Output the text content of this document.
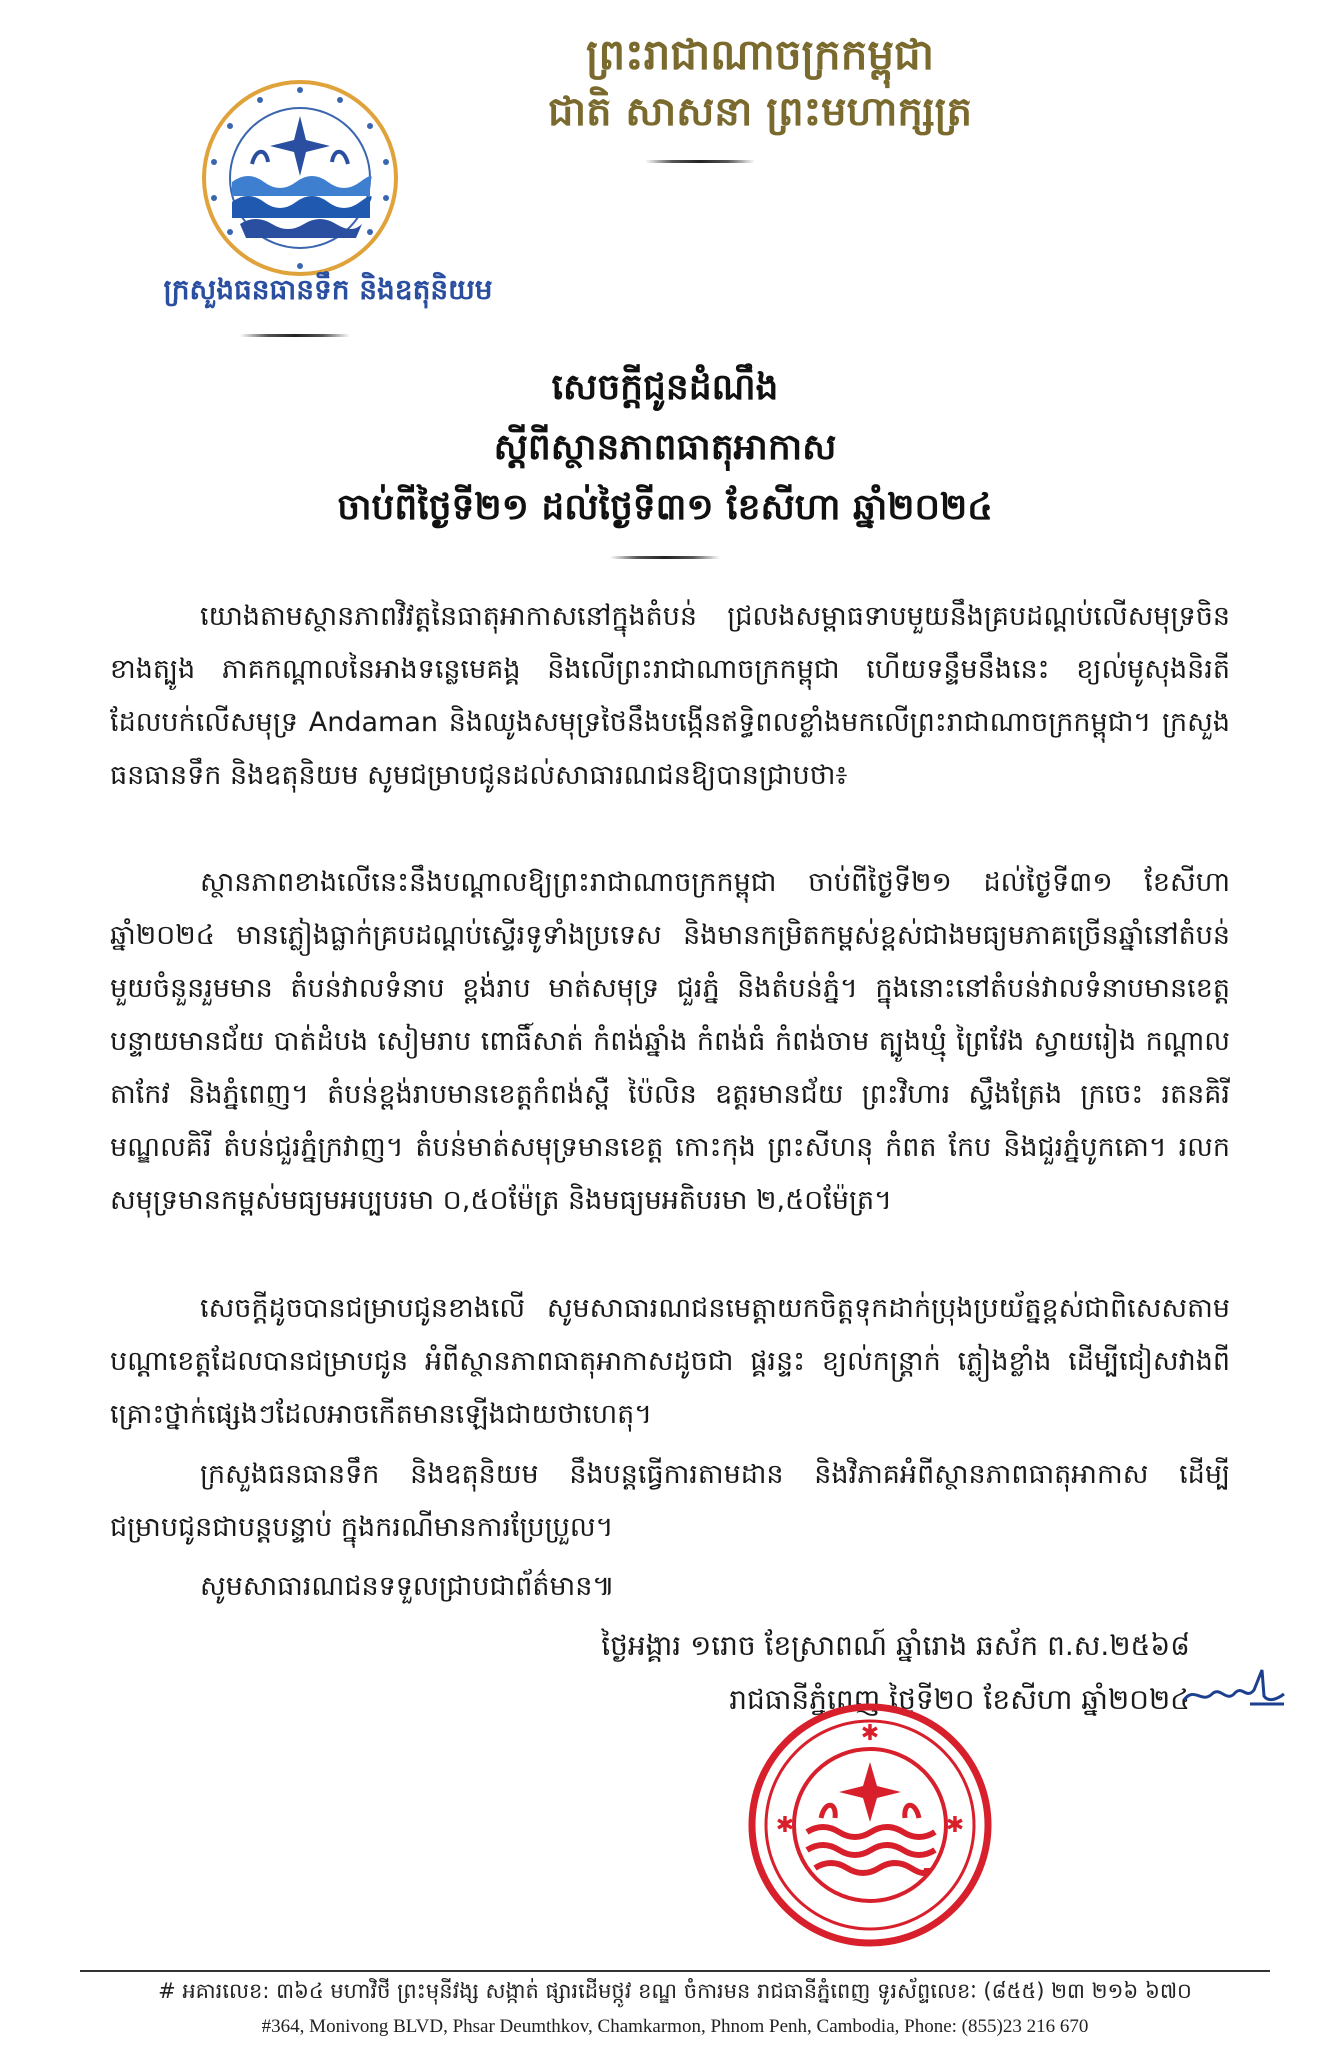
ព្រះរាជាណាចក្រកម្ពុជា
ជាតិ សាសនា ព្រះមហាក្សត្រ
ក្រសួងធនធានទឹក និងឧតុនិយម
សេចក្តីជូនដំណឹង
ស្តីពីស្ថានភាពធាតុអាកាស
ចាប់ពីថ្ងៃទី២១ ដល់ថ្ងៃទី៣១ ខែសីហា ឆ្នាំ២០២៤
យោងតាមស្ថានភាពវិវត្តនៃធាតុអាកាសនៅក្នុងតំបន់ ជ្រលងសម្ពាធទាបមួយនឹងគ្របដណ្តប់លើសមុទ្រចិនខាងត្បូង ភាគកណ្តាលនៃអាងទន្លេមេគង្គ និងលើព្រះរាជាណាចក្រកម្ពុជា ហើយទន្ទឹមនឹងនេះ ខ្យល់មូសុងនិរតីដែលបក់លើសមុទ្រ Andaman និងឈូងសមុទ្រថៃនឹងបង្កើនឥទ្ធិពលខ្លាំងមកលើព្រះរាជាណាចក្រកម្ពុជា។ ក្រសួងធនធានទឹក និងឧតុនិយម សូមជម្រាបជូនដល់សាធារណជនឱ្យបានជ្រាបថា៖
ស្ថានភាពខាងលើនេះនឹងបណ្តាលឱ្យព្រះរាជាណាចក្រកម្ពុជា ចាប់ពីថ្ងៃទី២១ ដល់ថ្ងៃទី៣១ ខែសីហា ឆ្នាំ២០២៤ មានភ្លៀងធ្លាក់គ្របដណ្តប់ស្ទើរទូទាំងប្រទេស និងមានកម្រិតកម្ពស់ខ្ពស់ជាងមធ្យមភាគច្រើនឆ្នាំនៅតំបន់មួយចំនួនរួមមាន តំបន់វាលទំនាប ខ្ពង់រាប មាត់សមុទ្រ ជួរភ្នំ និងតំបន់ភ្នំ។ ក្នុងនោះនៅតំបន់វាលទំនាបមានខេត្តបន្ទាយមានជ័យ បាត់ដំបង សៀមរាប ពោធិ៍សាត់ កំពង់ឆ្នាំង កំពង់ធំ កំពង់ចាម ត្បូងឃ្មុំ ព្រៃវែង ស្វាយរៀង កណ្តាល តាកែវ និងភ្នំពេញ។ តំបន់ខ្ពង់រាបមានខេត្តកំពង់ស្ពឺ ប៉ៃលិន ឧត្តរមានជ័យ ព្រះវិហារ ស្ទឹងត្រែង ក្រចេះ រតនគិរី មណ្ឌលគិរី តំបន់ជួរភ្នំក្រវាញ។ តំបន់មាត់សមុទ្រមានខេត្ត កោះកុង ព្រះសីហនុ កំពត កែប និងជួរភ្នំបូកគោ។ រលកសមុទ្រមានកម្ពស់មធ្យមអប្បបរមា ០,៥០ម៉ែត្រ និងមធ្យមអតិបរមា ២,៥០ម៉ែត្រ។
សេចក្តីដូចបានជម្រាបជូនខាងលើ សូមសាធារណជនមេត្តាយកចិត្តទុកដាក់ប្រុងប្រយ័ត្នខ្ពស់ជាពិសេសតាមបណ្តាខេត្តដែលបានជម្រាបជូន អំពីស្ថានភាពធាតុអាកាសដូចជា ផ្គរន្ទះ ខ្យល់កន្ត្រាក់ ភ្លៀងខ្លាំង ដើម្បីជៀសវាងពីគ្រោះថ្នាក់ផ្សេងៗដែលអាចកើតមានឡើងជាយថាហេតុ។
ក្រសួងធនធានទឹក និងឧតុនិយម នឹងបន្តធ្វើការតាមដាន និងវិភាគអំពីស្ថានភាពធាតុអាកាស ដើម្បីជម្រាបជូនជាបន្តបន្ទាប់ ក្នុងករណីមានការប្រែប្រួល។
សូមសាធារណជនទទួលជ្រាបជាព័ត៌មាន៕
ថ្ងៃអង្គារ ១រោច ខែស្រាពណ៍ ឆ្នាំរោង ឆស័ក ព.ស.២៥៦៨
រាជធានីភ្នំពេញ ថ្ងៃទី២០ ខែសីហា ឆ្នាំ២០២៤
✱
✱	✱
# អគារលេខ: ៣៦៤ មហាវិថី ព្រះមុនីវង្ស សង្កាត់ ផ្សារដើមថ្កូវ ខណ្ឌ ចំការមន រាជធានីភ្នំពេញ ទូរស័ព្ទលេខៈ (៨៥៥) ២៣ ២១៦ ៦៧០
#364, Monivong BLVD, Phsar Deumthkov, Chamkarmon, Phnom Penh, Cambodia, Phone: (855)23 216 670
